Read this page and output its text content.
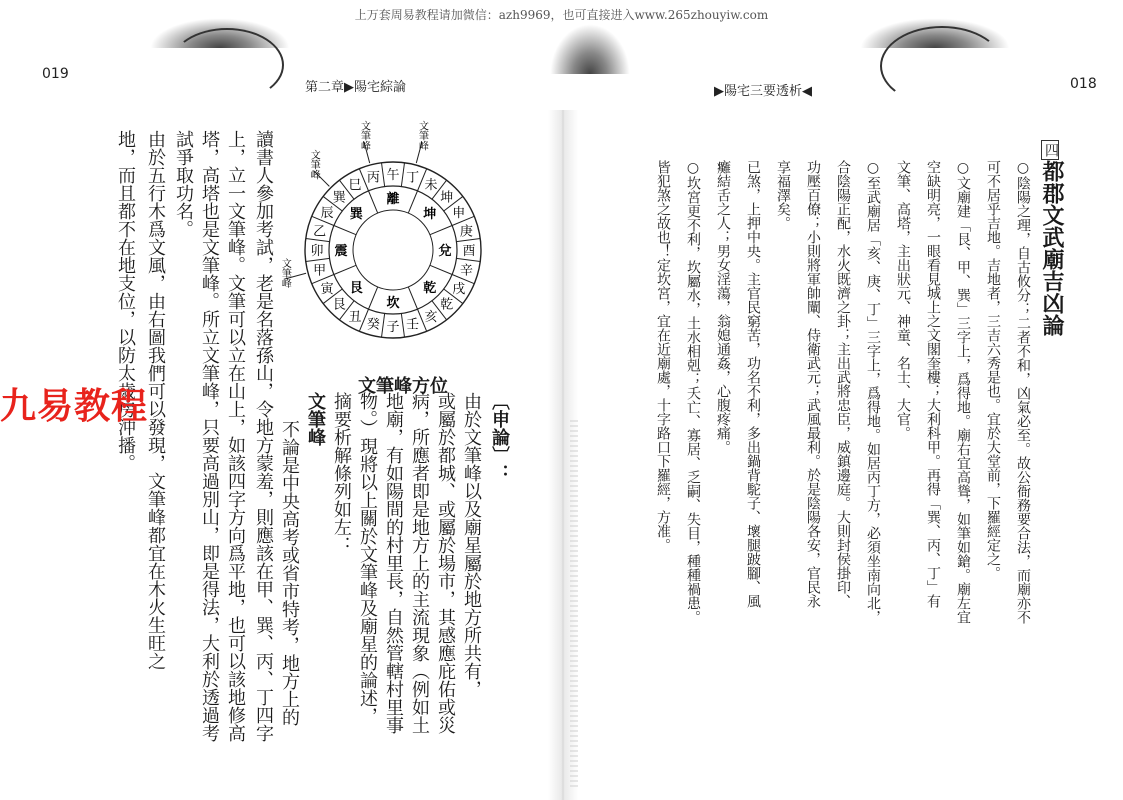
上万套周易教程请加微信：azh9969，也可直接进入www.265zhouyiw.com
019
第二章▶陽宅綜論	▶陽宅三要透析◀	018
四
都郡文武廟吉凶論
○陰陽之理，自古攸分；二者不和，凶氣必至。故公衙務要合法，而廟亦不
可不居乎吉地。吉地者，三吉六秀是也。宜於大堂前，下羅經定之。
○文廟建「艮、甲、巽」三字上，爲得地。廟右宜高聳，如筆如鎗。廟左宜
空缺明亮，一眼看見城上之文閣奎樓；大利科甲。再得「巽、丙、丁」有
文筆、高塔，主出狀元、神童、名士、大官。
○至武廟居「亥、庚、丁」三字上，爲得地。如居丙丁方，必須坐南向北，
合陰陽正配，水火既濟之卦；主出武將忠臣，威鎮邊庭。大則封侯掛印、
功壓百僚；小則將軍帥闡、侍衛武元；武風最利。於是陰陽各安，官民永
享福澤矣。
已煞，上押中央。主官民窮苦，功名不利，多出鍋背駝子、壞腿跛腳、風
癱結舌之人；男女淫蕩，翁媳通姦，心腹疼痛。
○坎宮更不利，坎屬水，土水相剋；夭亡、寡居、乏嗣、失目，種種禍患。
皆犯煞之故也！定坎宮，宜在近廟處，十字路口下羅經，方准。
地，而且都不在地支位，以防太歲房沖播。 由於五行木爲文風，由右圖我們可以發現，文筆峰都宜在木火生旺之 試爭取功名。 塔，高塔也是文筆峰。所立文筆峰，只要高過別山，即是得法，大利於透過考 上，立一文筆峰。文筆可以立在山上，如該四字方向爲平地，也可以該地修高 讀書人參加考試，老是名落孫山，令地方蒙羞，則應該在甲、巽、丙、丁四字 不論是中央高考或省市特考，地方上的
文筆峰 摘要析解條列如左： 物。）現將以上關於文筆峰及廟星的論述， 地廟，有如陽間的村里長，自然管轄村里事 病，所應者即是地方上的主流現象（例如土 或屬於都城、或屬於場市，其感應庇佑或災 由於文筆峰以及廟星屬於地方所共有， 〔申論〕：
子
癸
丑
艮
寅
甲
卯
乙
辰
巽
巳
丙 午 丁
未
坤
申
庚
酉
辛
戌
乾
亥
壬
坎
艮
震
巽
離
坤
兌
乾
文筆峰
文筆峰
文筆峰	文筆峰
文筆峰方位
九易教程
